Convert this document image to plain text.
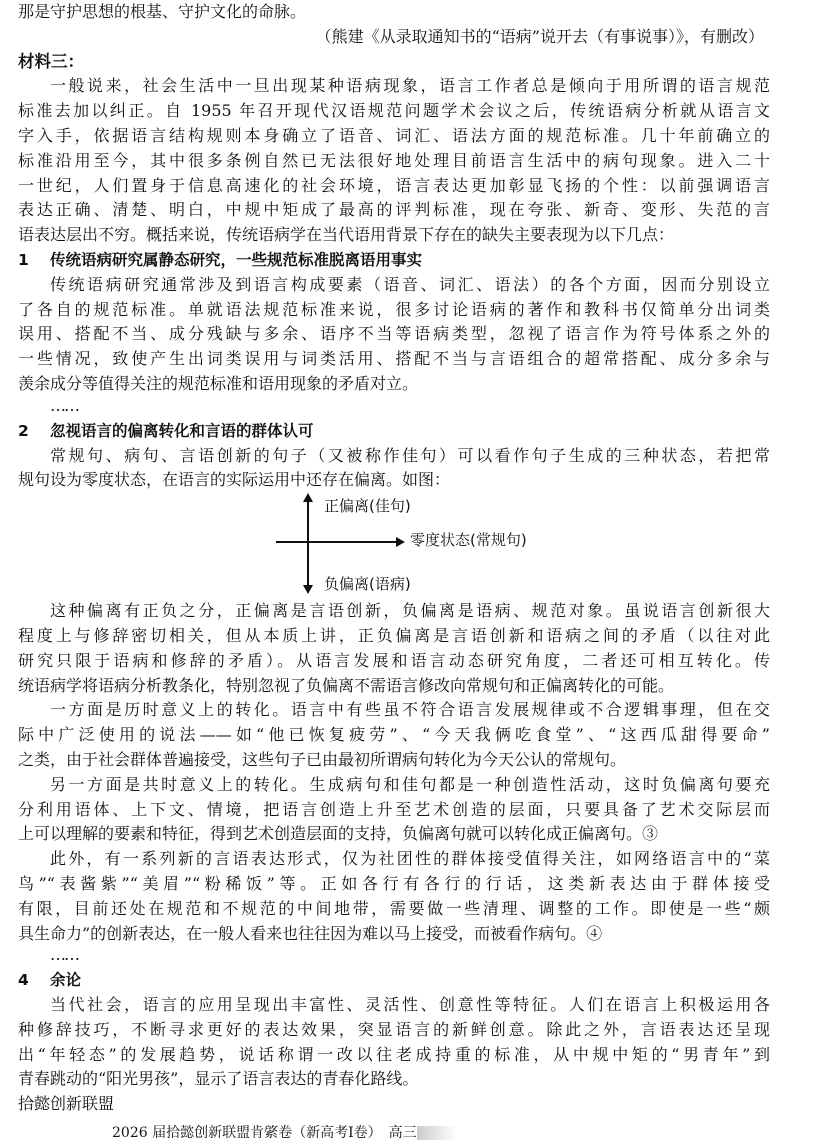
那是守护思想的根基、守护文化的命脉。
（熊建《从录取通知书的“语病”说开去（有事说事）》，有删改）
材料三：
一般说来，社会生活中一旦出现某种语病现象，语言工作者总是倾向于用所谓的语言规范
标准去加以纠正。自 1955 年召开现代汉语规范问题学术会议之后，传统语病分析就从语言文
字入手，依据语言结构规则本身确立了语音、词汇、语法方面的规范标准。几十年前确立的
标准沿用至今，其中很多条例自然已无法很好地处理目前语言生活中的病句现象。进入二十
一世纪，人们置身于信息高速化的社会环境，语言表达更加彰显飞扬的个性：以前强调语言
表达正确、清楚、明白，中规中矩成了最高的评判标准，现在夸张、新奇、变形、失范的言
语表达层出不穷。概括来说，传统语病学在当代语用背景下存在的缺失主要表现为以下几点：
1 传统语病研究属静态研究，一些规范标准脱离语用事实
传统语病研究通常涉及到语言构成要素（语音、词汇、语法）的各个方面，因而分别设立
了各自的规范标准。单就语法规范标准来说，很多讨论语病的著作和教科书仅简单分出词类
误用、搭配不当、成分残缺与多余、语序不当等语病类型，忽视了语言作为符号体系之外的
一些情况，致使产生出词类误用与词类活用、搭配不当与言语组合的超常搭配、成分多余与
羡余成分等值得关注的规范标准和语用现象的矛盾对立。
……
2 忽视语言的偏离转化和言语的群体认可
常规句、病句、言语创新的句子（又被称作佳句）可以看作句子生成的三种状态，若把常
规句设为零度状态，在语言的实际运用中还存在偏离。如图：
正偏离(佳句)
零度状态(常规句)
负偏离(语病)
这种偏离有正负之分，正偏离是言语创新，负偏离是语病、规范对象。虽说语言创新很大
程度上与修辞密切相关，但从本质上讲，正负偏离是言语创新和语病之间的矛盾（以往对此
研究只限于语病和修辞的矛盾）。从语言发展和语言动态研究角度，二者还可相互转化。传
统语病学将语病分析教条化，特别忽视了负偏离不需语言修改向常规句和正偏离转化的可能。
一方面是历时意义上的转化。语言中有些虽不符合语言发展规律或不合逻辑事理，但在交
际中广泛使用的说法——如“他已恢复疲劳”、“今天我俩吃食堂”、“这西瓜甜得要命”
之类，由于社会群体普遍接受，这些句子已由最初所谓病句转化为今天公认的常规句。
另一方面是共时意义上的转化。生成病句和佳句都是一种创造性活动，这时负偏离句要充
分利用语体、上下文、情境，把语言创造上升至艺术创造的层面，只要具备了艺术交际层而
上可以理解的要素和特征，得到艺术创造层面的支持，负偏离句就可以转化成正偏离句。③
此外，有一系列新的言语表达形式，仅为社团性的群体接受值得关注，如网络语言中的“菜
鸟”“表酱紫”“美眉”“粉稀饭”等。正如各行有各行的行话，这类新表达由于群体接受
有限，目前还处在规范和不规范的中间地带，需要做一些清理、调整的工作。即使是一些“颇
具生命力”的创新表达，在一般人看来也往往因为难以马上接受，而被看作病句。④
……
4 余论
当代社会，语言的应用呈现出丰富性、灵活性、创意性等特征。人们在语言上积极运用各
种修辞技巧，不断寻求更好的表达效果，突显语言的新鲜创意。除此之外，言语表达还呈现
出“年轻态”的发展趋势，说话称谓一改以往老成持重的标准，从中规中矩的“男青年”到
青春跳动的“阳光男孩”，显示了语言表达的青春化路线。
拾懿创新联盟
2026 届拾懿创新联盟肯綮卷（新高考Ⅰ卷）　高三
